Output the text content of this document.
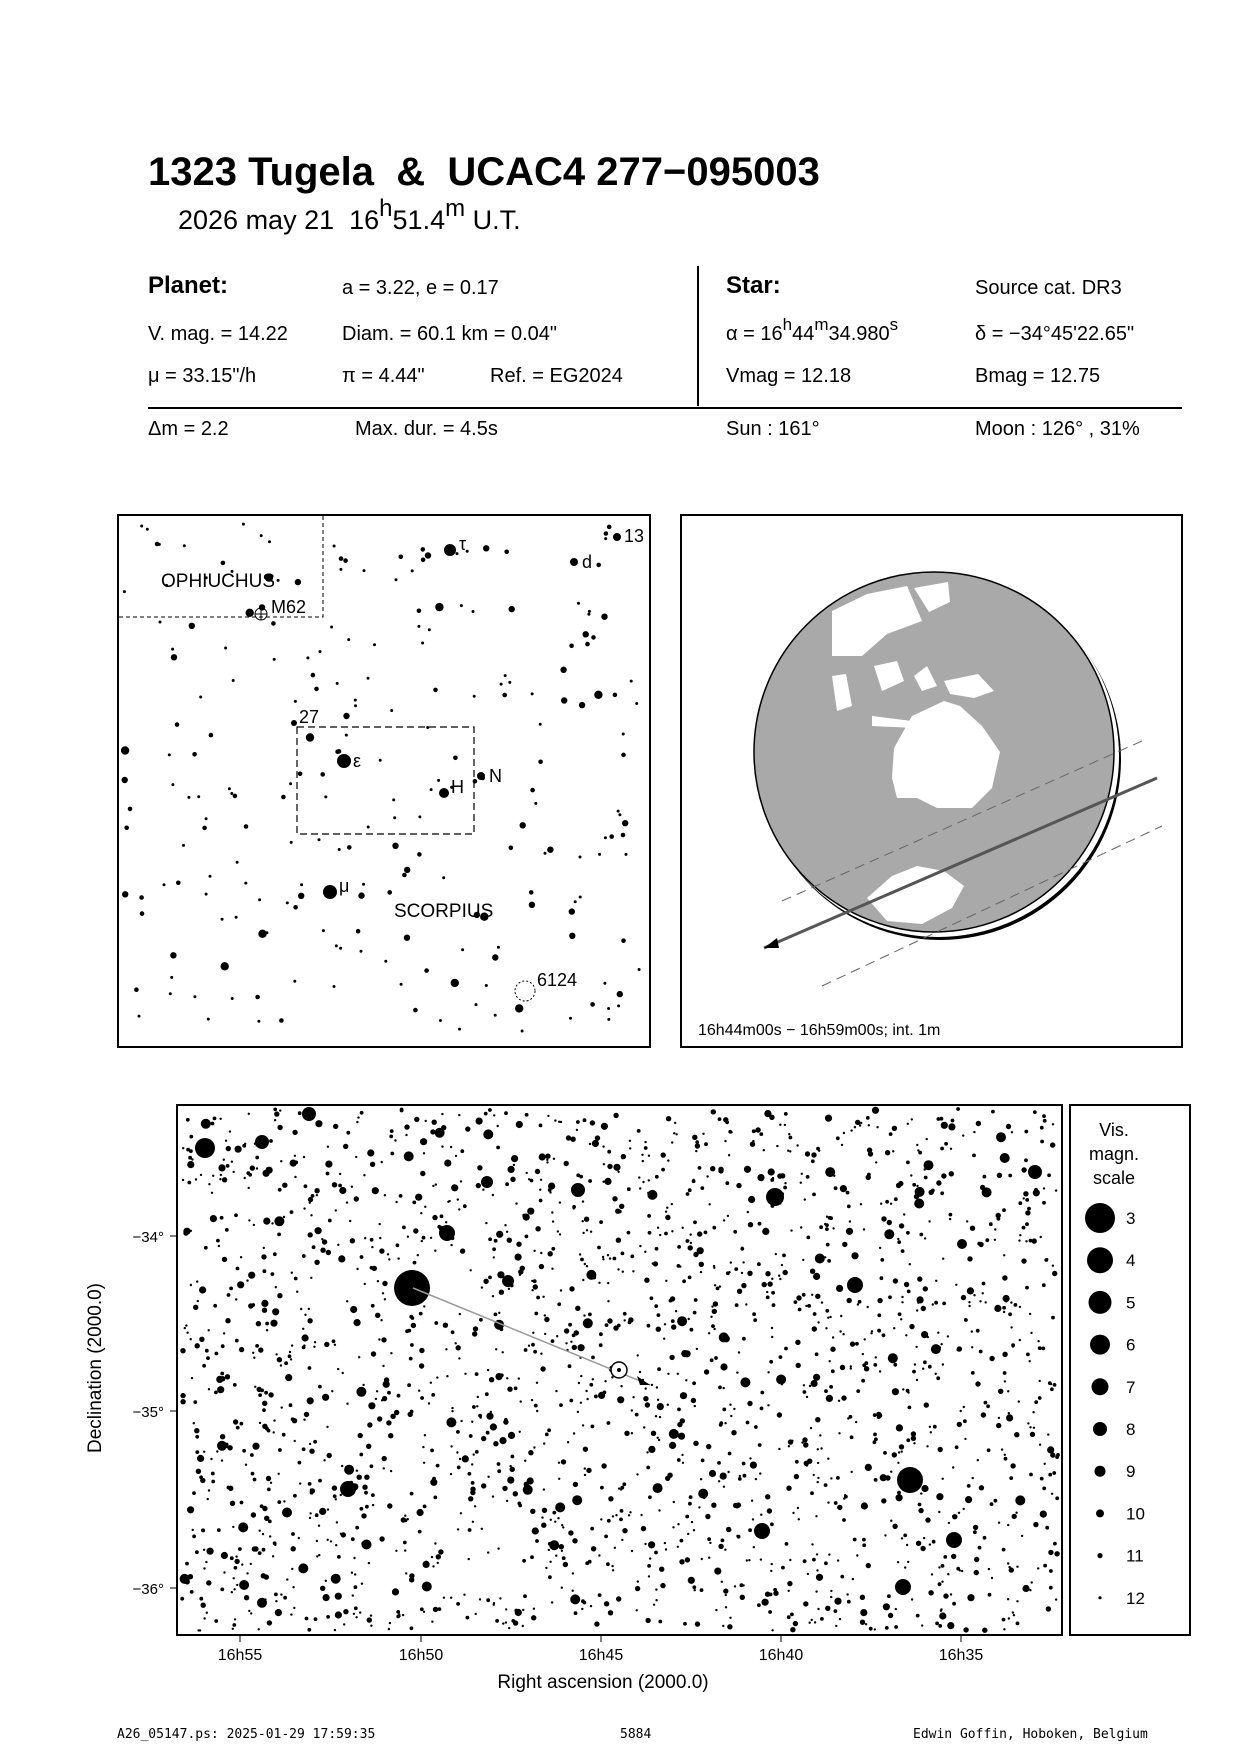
1323 Tugela  &  UCAC4 277−095003
2026 may 21 16$^h$51.4$^m$ U.T.
Planet:	a = 3.22, e = 0.17
V. mag. = 14.22	Diam. = 60.1 km = 0.04"
μ = 33.15"/h	π = 4.44"	Ref. = EG2024
Star:	Source cat. DR3
$\alpha = 16^h44^m34.980^s$	δ = −34°45'22.65"
Vmag = 12.18	Bmag = 12.75
Δm = 2.2	Max. dur. = 4.5s	Sun : 161°	Moon : 126° , 31%
OPHIUCHUS
SCORPIUS
M62
6124
τ
d
13
27
ε
H
N
μ
16h44m00s − 16h59m00s; int. 1m
−34°
−35°
−36°
16h55	16h50	16h45	16h40	16h35
Right ascension (2000.0)
Declination (2000.0)
Vis.
magn.
scale
3
4
5
6
7
8
9
10
11
12
A26_05147.ps: 2025-01-29 17:59:35	5884	Edwin Goffin, Hoboken, Belgium
